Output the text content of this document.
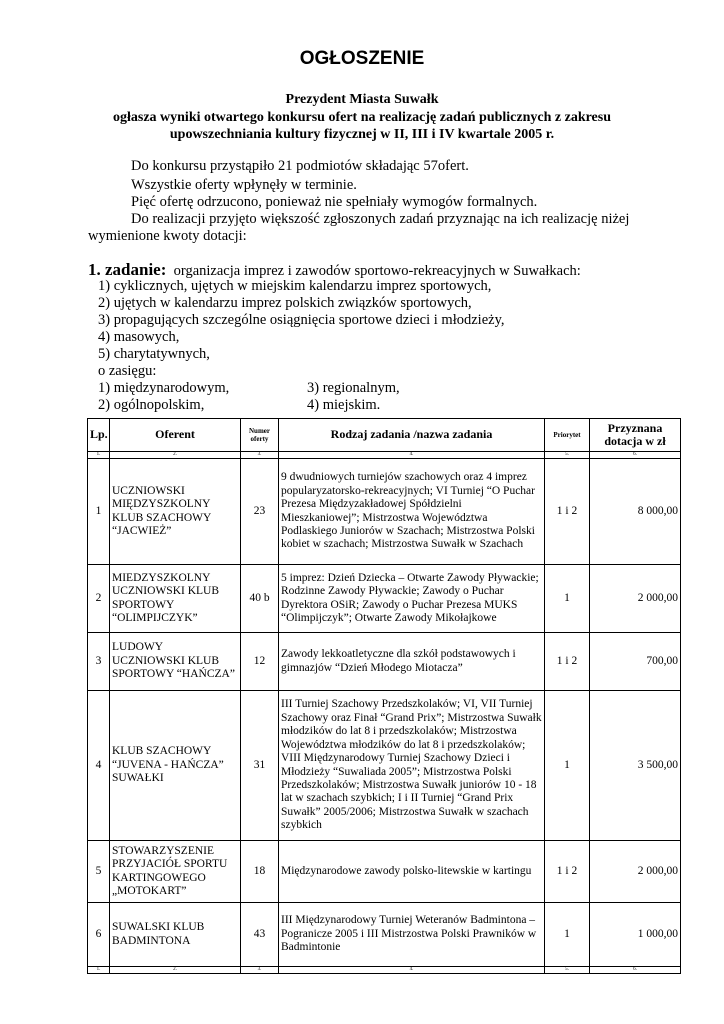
OGŁOSZENIE
Prezydent Miasta Suwałk
ogłasza wyniki otwartego konkursu ofert na realizację zadań publicznych z zakresu
upowszechniania kultury fizycznej w II, III i IV kwartale 2005 r.
Do konkursu przystąpiło 21 podmiotów składając 57ofert.
Wszystkie oferty wpłynęły w terminie.
Pięć ofertę odrzucono, ponieważ nie spełniały wymogów formalnych.
Do realizacji przyjęto większość zgłoszonych zadań przyznając na ich realizację niżej
wymienione kwoty dotacji:
1. zadanie: organizacja imprez i zawodów sportowo-rekreacyjnych w Suwałkach:
1) cyklicznych, ujętych w miejskim kalendarzu imprez sportowych,
2) ujętych w kalendarzu imprez polskich związków sportowych,
3) propagujących szczególne osiągnięcia sportowe dzieci i młodzieży,
4) masowych,
5) charytatywnych,
o zasięgu:
1) międzynarodowym,
2) ogólnopolskim,
3) regionalnym,
4) miejskim.
Lp.	Oferent	Numer oferty	Rodzaj zadania /nazwa zadania	Priorytet	Przyznana dotacja w zł
1.	2.	3.	4.	5.	6.
1	UCZNIOWSKI MIĘDZYSZKOLNY KLUB SZACHOWY “JACWIEŻ”	23	9 dwudniowych turniejów szachowych oraz 4 imprez popularyzatorsko-rekreacyjnych; VI Turniej “O Puchar Prezesa Międzyzakładowej Spółdzielni Mieszkaniowej”; Mistrzostwa Województwa Podlaskiego Juniorów w Szachach; Mistrzostwa Polski kobiet w szachach; Mistrzostwa Suwałk w Szachach	1 i 2	8 000,00
2	MIEDZYSZKOLNY UCZNIOWSKI KLUB SPORTOWY “OLIMPIJCZYK”	40 b	5 imprez: Dzień Dziecka – Otwarte Zawody Pływackie; Rodzinne Zawody Pływackie; Zawody o Puchar Dyrektora OSiR; Zawody o Puchar Prezesa MUKS “Olimpijczyk”; Otwarte Zawody Mikołajkowe	1	2 000,00
3	LUDOWY UCZNIOWSKI KLUB SPORTOWY “HAŃCZA”	12	Zawody lekkoatletyczne dla szkół podstawowych i gimnazjów “Dzień Młodego Miotacza”	1 i 2	700,00
4	KLUB SZACHOWY “JUVENA - HAŃCZA” SUWAŁKI	31	III Turniej Szachowy Przedszkolaków; VI, VII Turniej Szachowy oraz Finał “Grand Prix”; Mistrzostwa Suwałk młodzików do lat 8 i przedszkolaków; Mistrzostwa Województwa młodzików do lat 8 i przedszkolaków; VIII Międzynarodowy Turniej Szachowy Dzieci i Młodzieży “Suwaliada 2005”; Mistrzostwa Polski Przedszkolaków; Mistrzostwa Suwałk juniorów 10 - 18 lat w szachach szybkich; I i II Turniej “Grand Prix Suwałk” 2005/2006; Mistrzostwa Suwałk w szachach szybkich	1	3 500,00
5	STOWARZYSZENIE PRZYJACIÓŁ SPORTU KARTINGOWEGO „MOTOKART”	18	Międzynarodowe zawody polsko-litewskie w kartingu	1 i 2	2 000,00
6	SUWALSKI KLUB BADMINTONA	43	III Międzynarodowy Turniej Weteranów Badmintona – Pogranicze 2005 i III Mistrzostwa Polski Prawników w Badmintonie	1	1 000,00
1.	2.	3.	4.	5.	6.
